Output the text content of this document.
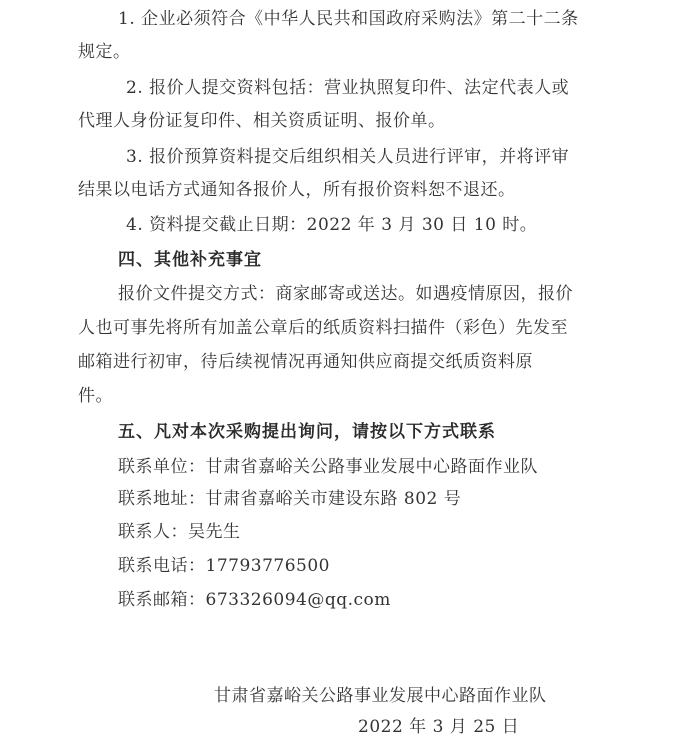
1. 企业必须符合《中华人民共和国政府采购法》第二十二条
规定。
2. 报价人提交资料包括：营业执照复印件、法定代表人或
代理人身份证复印件、相关资质证明、报价单。
3. 报价预算资料提交后组织相关人员进行评审，并将评审
结果以电话方式通知各报价人，所有报价资料恕不退还。
4. 资料提交截止日期：2022 年 3 月 30 日 10 时。
四、其他补充事宜
报价文件提交方式：商家邮寄或送达。如遇疫情原因，报价
人也可事先将所有加盖公章后的纸质资料扫描件（彩色）先发至
邮箱进行初审，待后续视情况再通知供应商提交纸质资料原
件。
五、凡对本次采购提出询问，请按以下方式联系
联系单位：甘肃省嘉峪关公路事业发展中心路面作业队
联系地址：甘肃省嘉峪关市建设东路 802 号
联系人：吴先生
联系电话：17793776500
联系邮箱：673326094@qq.com
甘肃省嘉峪关公路事业发展中心路面作业队
2022 年 3 月 25 日
